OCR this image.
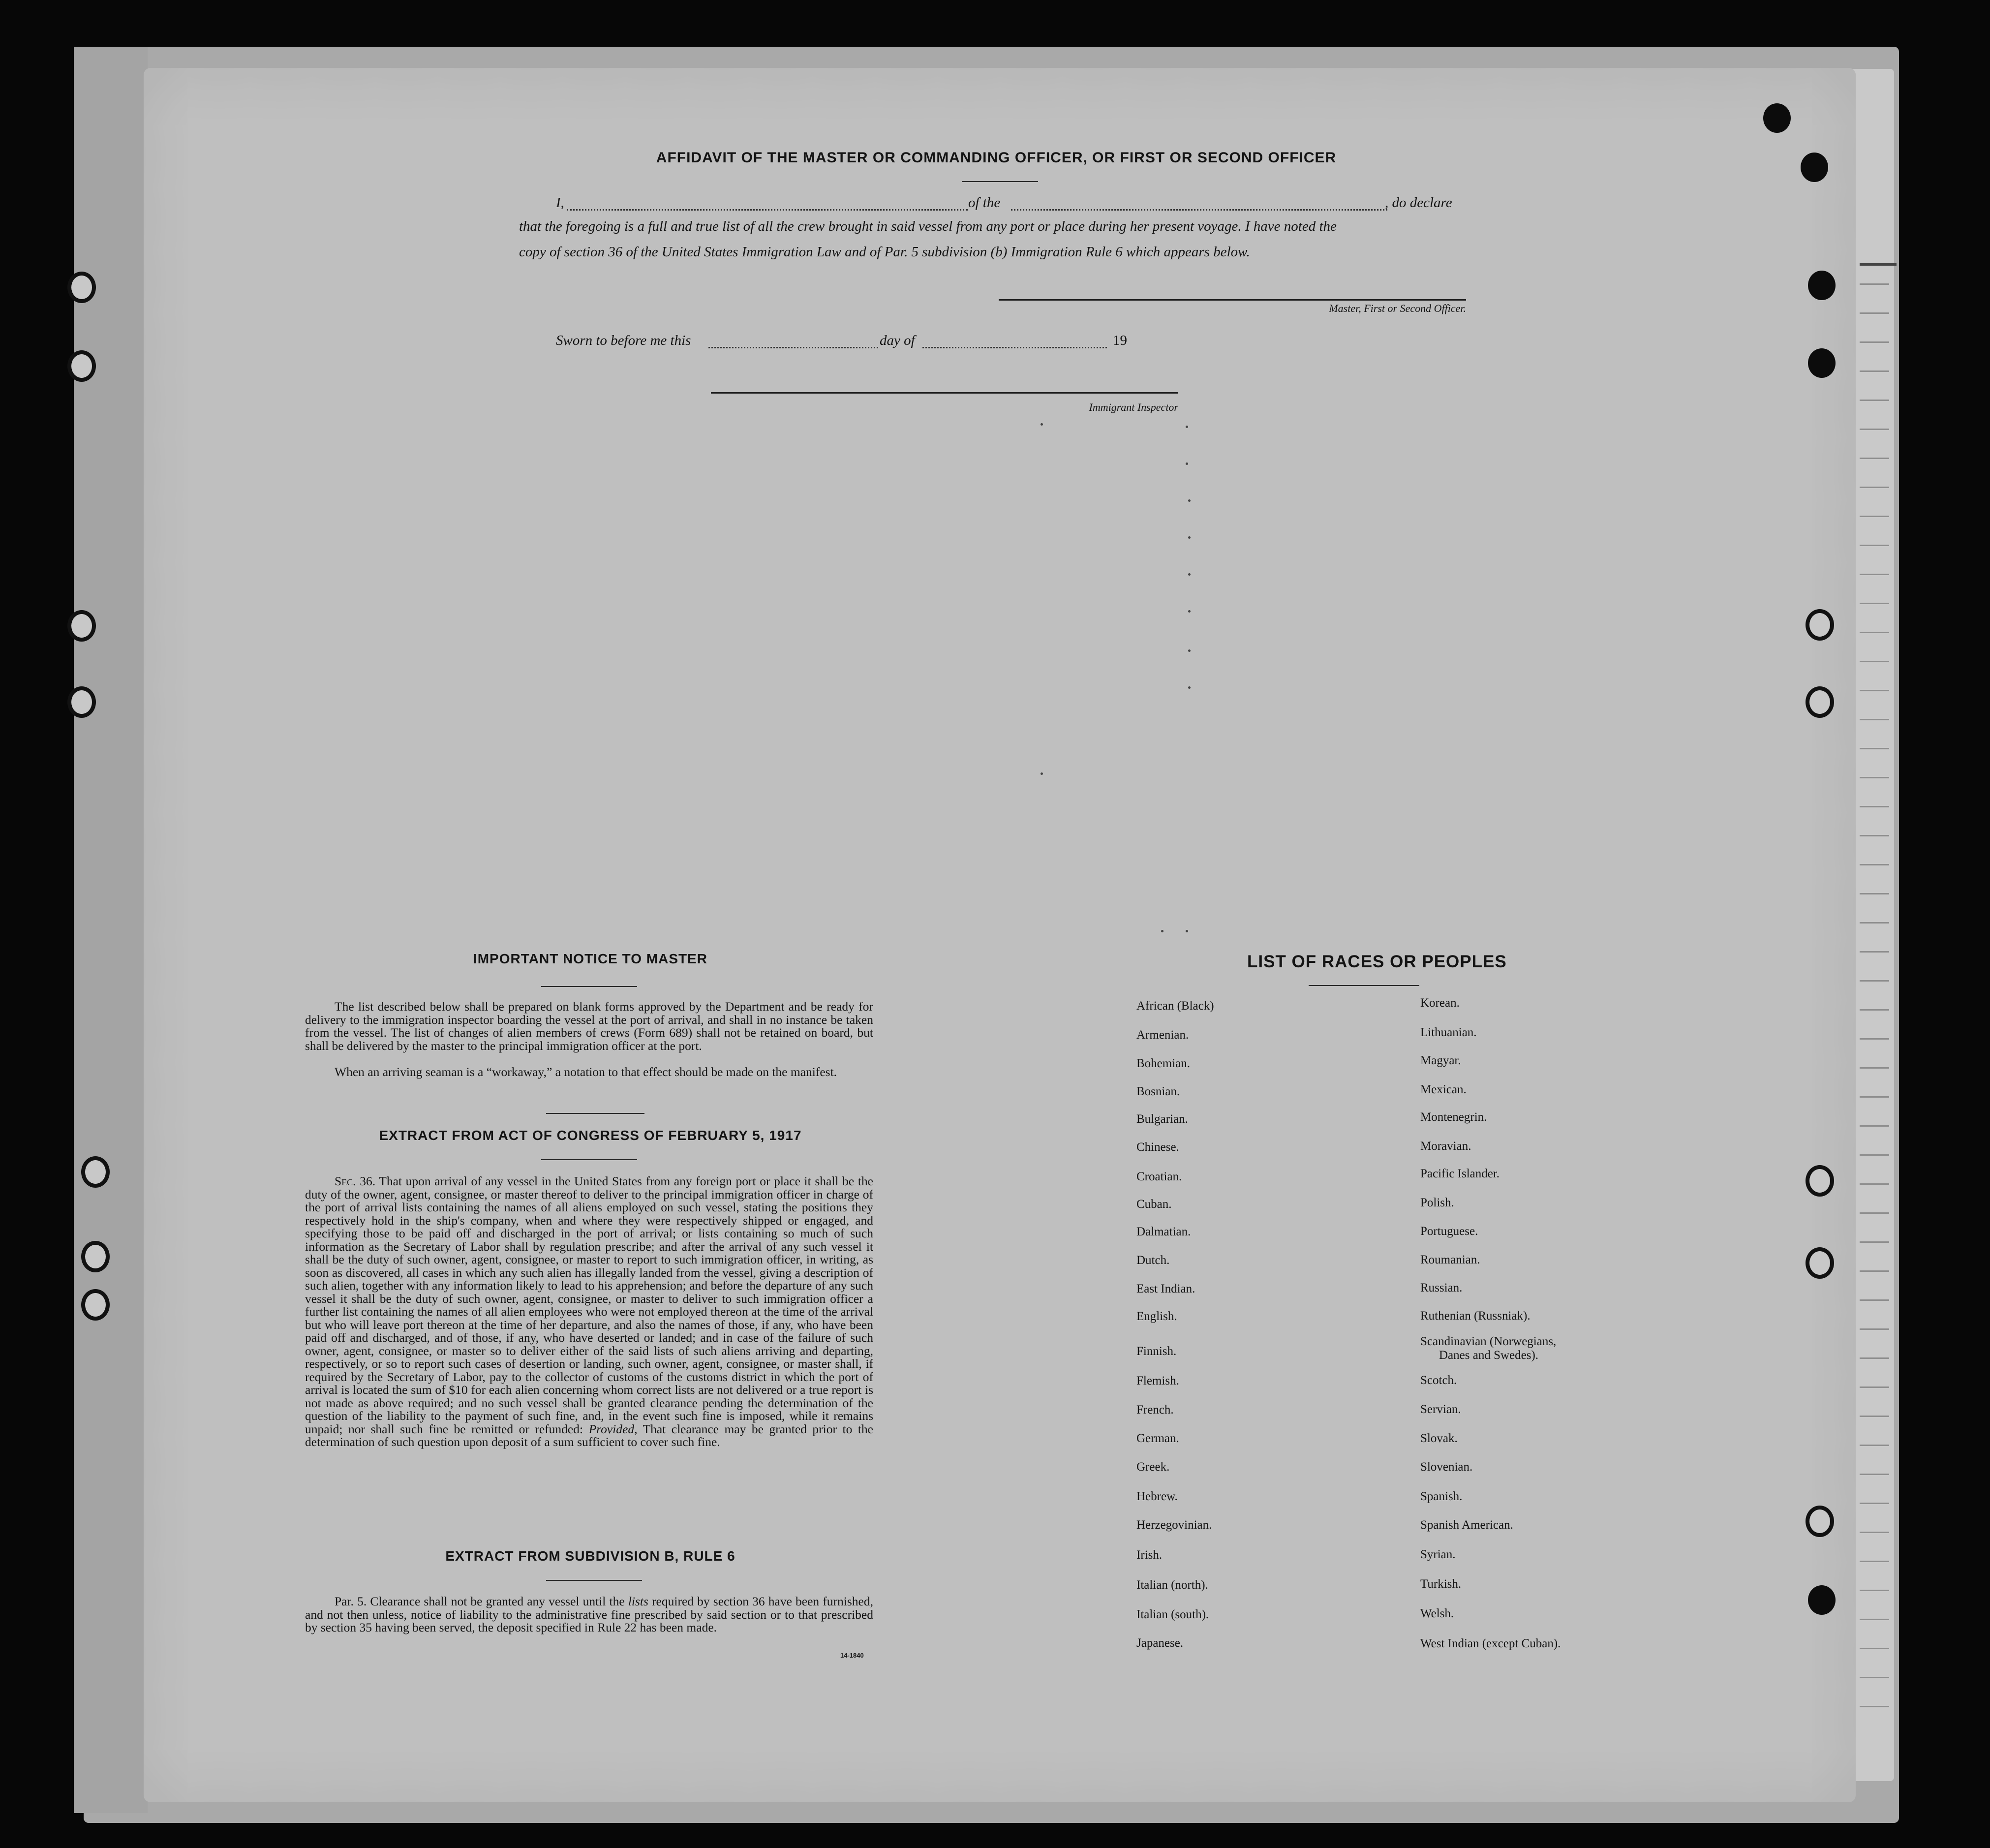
AFFIDAVIT OF THE MASTER OR COMMANDING OFFICER, OR FIRST OR SECOND OFFICER
I,	of the	, do declare
that the foregoing is a full and true list of all the crew brought in said vessel from any port or place during her present voyage. I have noted the
copy of section 36 of the United States Immigration Law and of Par. 5 subdivision (b) Immigration Rule 6 which appears below.
Master, First or Second Officer.
Sworn to before me this	day of	19
Immigrant Inspector
IMPORTANT NOTICE TO MASTER
The list described below shall be prepared on blank forms approved by the Department and be ready for delivery to the immigration inspector boarding the vessel at the port of arrival, and shall in no instance be taken from the vessel. The list of changes of alien members of crews (Form 689) shall not be retained on board, but shall be delivered by the master to the principal immigration officer at the port.
When an arriving seaman is a “workaway,” a notation to that effect should be made on the manifest.
EXTRACT FROM ACT OF CONGRESS OF FEBRUARY 5, 1917
Sec. 36. That upon arrival of any vessel in the United States from any foreign port or place it shall be the duty of the owner, agent, consignee, or master thereof to deliver to the principal immigration officer in charge of the port of arrival lists containing the names of all aliens employed on such vessel, stating the positions they respectively hold in the ship's company, when and where they were respectively shipped or engaged, and specifying those to be paid off and discharged in the port of arrival; or lists containing so much of such information as the Secretary of Labor shall by regulation prescribe; and after the arrival of any such vessel it shall be the duty of such owner, agent, consignee, or master to report to such immigration officer, in writing, as soon as discovered, all cases in which any such alien has illegally landed from the vessel, giving a description of such alien, together with any information likely to lead to his apprehension; and before the departure of any such vessel it shall be the duty of such owner, agent, consignee, or master to deliver to such immigration officer a further list containing the names of all alien employees who were not employed thereon at the time of the arrival but who will leave port thereon at the time of her departure, and also the names of those, if any, who have been paid off and discharged, and of those, if any, who have deserted or landed; and in case of the failure of such owner, agent, consignee, or master so to deliver either of the said lists of such aliens arriving and departing, respectively, or so to report such cases of desertion or landing, such owner, agent, consignee, or master shall, if required by the Secretary of Labor, pay to the collector of customs of the customs district in which the port of arrival is located the sum of $10 for each alien concerning whom correct lists are not delivered or a true report is not made as above required; and no such vessel shall be granted clearance pending the determination of the question of the liability to the payment of such fine, and, in the event such fine is imposed, while it remains unpaid; nor shall such fine be remitted or refunded: Provided, That clearance may be granted prior to the determination of such question upon deposit of a sum sufficient to cover such fine.
EXTRACT FROM SUBDIVISION B, RULE 6
Par. 5. Clearance shall not be granted any vessel until the lists required by section 36 have been furnished, and not then unless, notice of liability to the administrative fine prescribed by said section or to that prescribed by section 35 having been served, the deposit specified in Rule 22 has been made.
14-1840
LIST OF RACES OR PEOPLES
African (Black)
Armenian.
Bohemian.
Bosnian.
Bulgarian.
Chinese.
Croatian.
Cuban.
Dalmatian.
Dutch.
East Indian.
English.
Finnish.
Flemish.
French.
German.
Greek.
Hebrew.
Herzegovinian.
Irish.
Italian (north).
Italian (south).
Japanese.
Korean.
Lithuanian.
Magyar.
Mexican.
Montenegrin.
Moravian.
Pacific Islander.
Polish.
Portuguese.
Roumanian.
Russian.
Ruthenian (Russniak).
Scandinavian (Norwegians,
Danes and Swedes).
Scotch.
Servian.
Slovak.
Slovenian.
Spanish.
Spanish American.
Syrian.
Turkish.
Welsh.
West Indian (except Cuban).
